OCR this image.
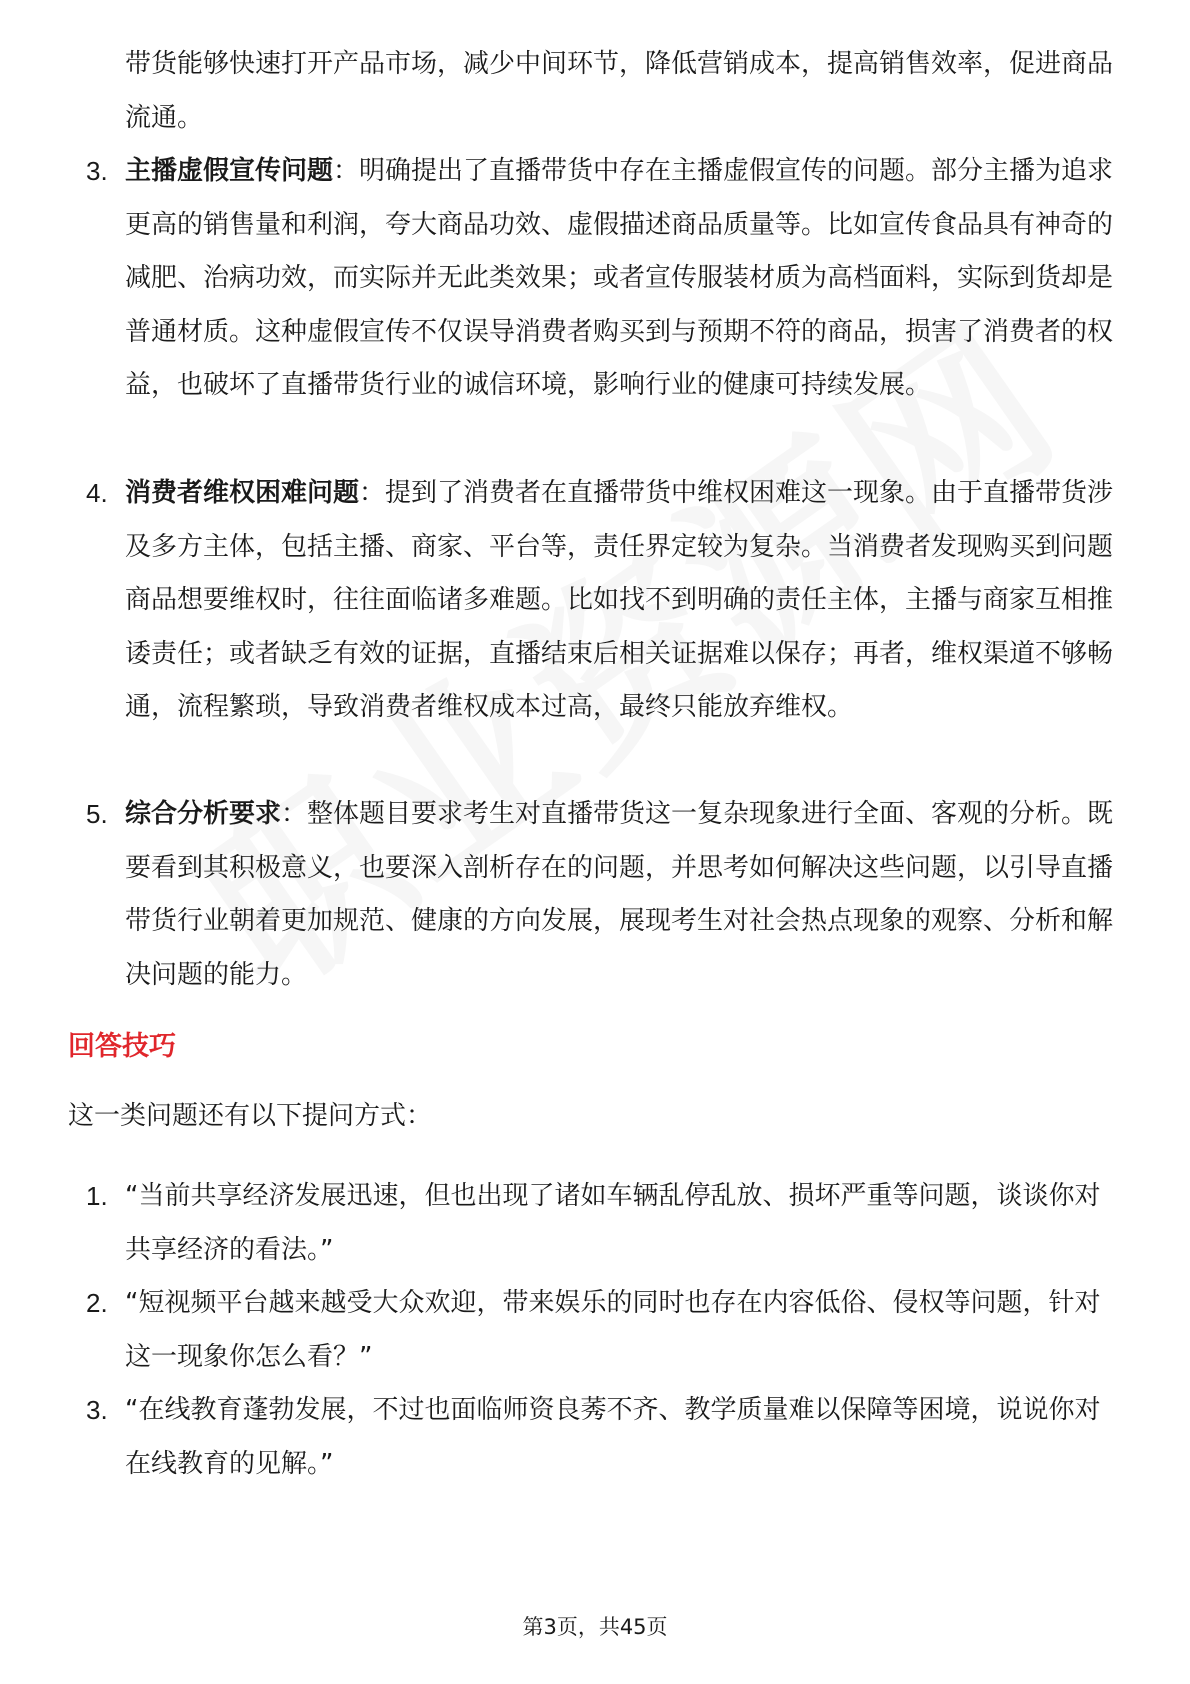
带货能够快速打开产品市场，减少中间环节，降低营销成本，提高销售效率，促进商品流通。

3. 主播虚假宣传问题：明确提出了直播带货中存在主播虚假宣传的问题。部分主播为追求更高的销售量和利润，夸大商品功效、虚假描述商品质量等。比如宣传食品具有神奇的减肥、治病功效，而实际并无此类效果；或者宣传服装材质为高档面料，实际到货却是普通材质。这种虚假宣传不仅误导消费者购买到与预期不符的商品，损害了消费者的权益，也破坏了直播带货行业的诚信环境，影响行业的健康可持续发展。

4. 消费者维权困难问题：提到了消费者在直播带货中维权困难这一现象。由于直播带货涉及多方主体，包括主播、商家、平台等，责任界定较为复杂。当消费者发现购买到问题商品想要维权时，往往面临诸多难题。比如找不到明确的责任主体，主播与商家互相推诿责任；或者缺乏有效的证据，直播结束后相关证据难以保存；再者，维权渠道不够畅通，流程繁琐，导致消费者维权成本过高，最终只能放弃维权。

5. 综合分析要求：整体题目要求考生对直播带货这一复杂现象进行全面、客观的分析。既要看到其积极意义，也要深入剖析存在的问题，并思考如何解决这些问题，以引导直播带货行业朝着更加规范、健康的方向发展，展现考生对社会热点现象的观察、分析和解决问题的能力。

回答技巧
这一类问题还有以下提问方式：
1. “当前共享经济发展迅速，但也出现了诸如车辆乱停乱放、损坏严重等问题，谈谈你对共享经济的看法。”

2. “短视频平台越来越受大众欢迎，带来娱乐的同时也存在内容低俗、侵权等问题，针对这一现象你怎么看？”

3. “在线教育蓬勃发展，不过也面临师资良莠不齐、教学质量难以保障等困境，说说你对在线教育的见解。”

第3页，共45页
